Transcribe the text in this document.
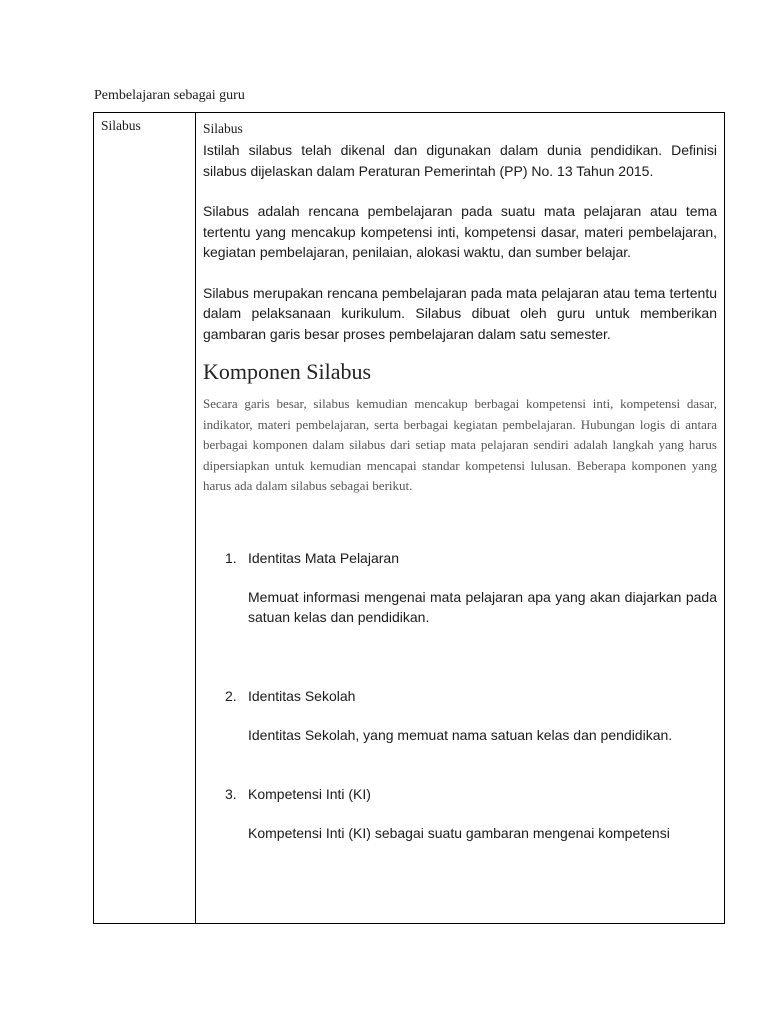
Pembelajaran sebagai guru
Silabus	Silabus

Istilah silabus telah dikenal dan digunakan dalam dunia pendidikan. Definisi silabus dijelaskan dalam Peraturan Pemerintah (PP) No. 13 Tahun 2015.

Silabus adalah rencana pembelajaran pada suatu mata pelajaran atau tema tertentu yang mencakup kompetensi inti, kompetensi dasar, materi pembelajaran, kegiatan pembelajaran, penilaian, alokasi waktu, dan sumber belajar.

Silabus merupakan rencana pembelajaran pada mata pelajaran atau tema tertentu dalam pelaksanaan kurikulum. Silabus dibuat oleh guru untuk memberikan gambaran garis besar proses pembelajaran dalam satu semester.

Komponen Silabus
Secara garis besar, silabus kemudian mencakup berbagai kompetensi inti, kompetensi dasar, indikator, materi pembelajaran, serta berbagai kegiatan pembelajaran. Hubungan logis di antara berbagai komponen dalam silabus dari setiap mata pelajaran sendiri adalah langkah yang harus dipersiapkan untuk kemudian mencapai standar kompetensi lulusan. Beberapa komponen yang harus ada dalam silabus sebagai berikut.
1. Identitas Mata Pelajaran
Memuat informasi mengenai mata pelajaran apa yang akan diajarkan pada satuan kelas dan pendidikan.
2. Identitas Sekolah
Identitas Sekolah, yang memuat nama satuan kelas dan pendidikan.
3. Kompetensi Inti (KI)
Kompetensi Inti (KI) sebagai suatu gambaran mengenai kompetensi
